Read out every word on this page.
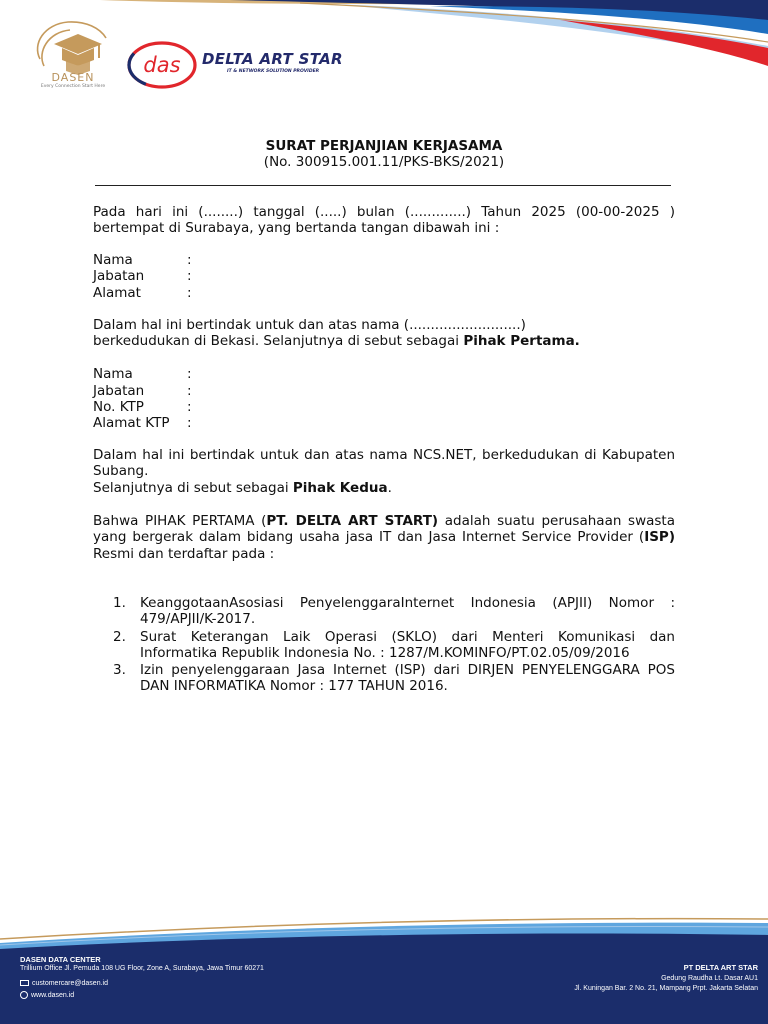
DASEN
Every Connection Start Here
das DELTA ART STAR
IT & NETWORK SOLUTION PROVIDER
SURAT PERJANJIAN KERJASAMA
(No. 300915.001.11/PKS-BKS/2021)
Pada hari ini (........) tanggal (.....) bulan (.............) Tahun 2025 (00-00-2025 ) bertempat di Surabaya, yang bertanda tangan dibawah ini :
Nama	:
Jabatan	:
Alamat	:
Dalam hal ini bertindak untuk dan atas nama (..........................)
berkedudukan di Bekasi. Selanjutnya di sebut sebagai Pihak Pertama.
Nama	:
Jabatan	:
No. KTP	:
Alamat KTP :
Dalam hal ini bertindak untuk dan atas nama NCS.NET, berkedudukan di Kabupaten Subang.
Selanjutnya di sebut sebagai Pihak Kedua.
Bahwa PIHAK PERTAMA (PT. DELTA ART START) adalah suatu perusahaan swasta yang bergerak dalam bidang usaha jasa IT dan Jasa Internet Service Provider (ISP) Resmi dan terdaftar pada :
1. KeanggotaanAsosiasi PenyelenggaraInternet Indonesia (APJII) Nomor : 479/APJII/K-2017.
2. Surat Keterangan Laik Operasi (SKLO) dari Menteri Komunikasi dan Informatika Republik Indonesia No. : 1287/M.KOMINFO/PT.02.05/09/2016
3. Izin penyelenggaraan Jasa Internet (ISP) dari DIRJEN PENYELENGGARA POS DAN INFORMATIKA Nomor : 177 TAHUN 2016.
DASEN DATA CENTER
Trillium Office Jl. Pemuda 108 UG Floor, Zone A, Surabaya, Jawa Timur 60271
customercare@dasen.id
www.dasen.id
PT DELTA ART STAR
Gedung Raudha Lt. Dasar AU1
Jl. Kuningan Bar. 2 No. 21, Mampang Prpt. Jakarta Selatan
